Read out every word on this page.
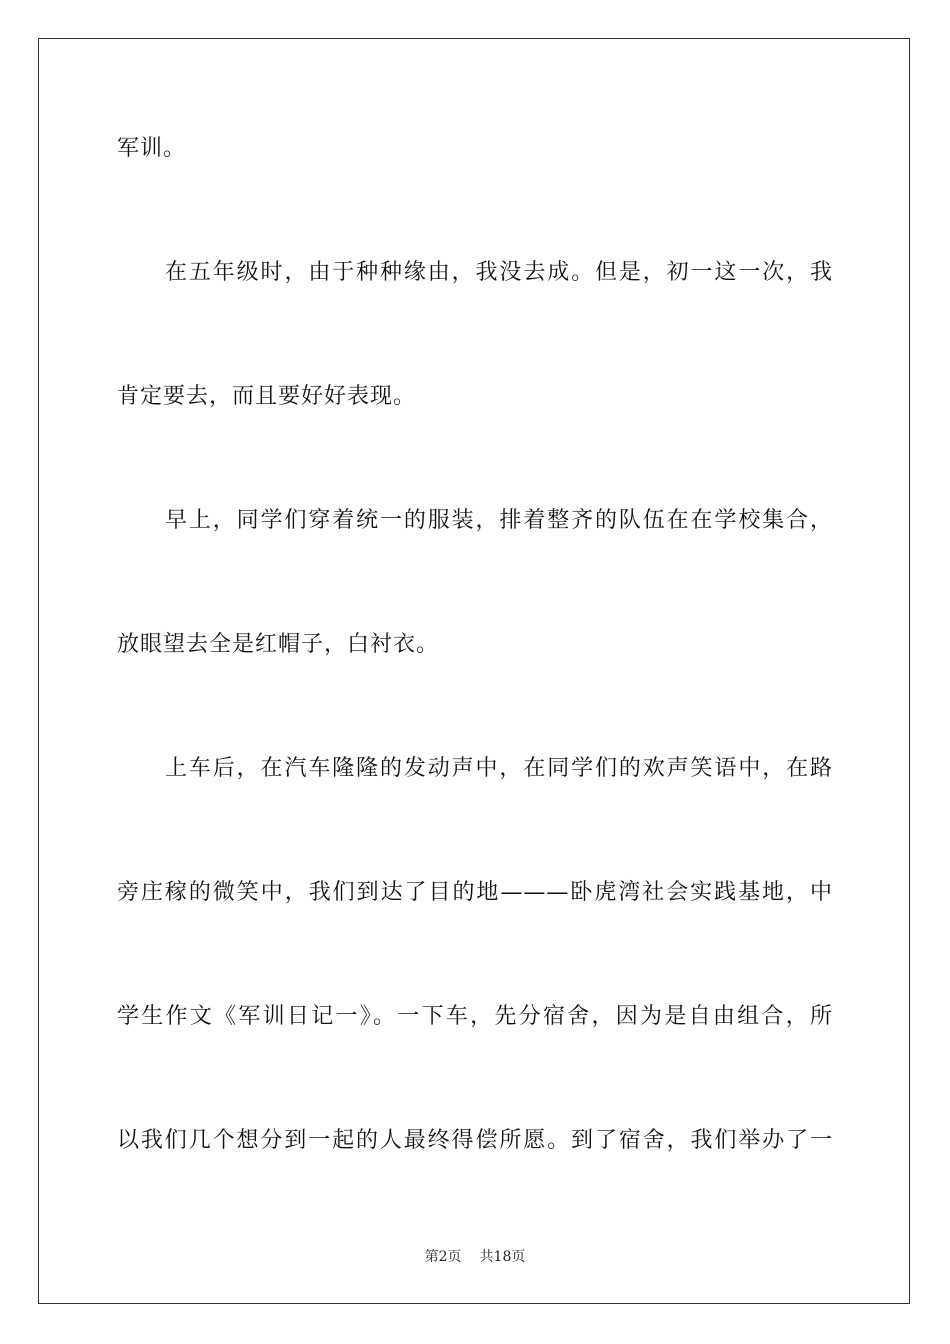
军训。
在五年级时，由于种种缘由，我没去成。但是，初一这一次，我
肯定要去，而且要好好表现。
早上，同学们穿着统一的服装，排着整齐的队伍在在学校集合，
放眼望去全是红帽子，白衬衣。
上车后，在汽车隆隆的发动声中，在同学们的欢声笑语中，在路
旁庄稼的微笑中，我们到达了目的地———卧虎湾社会实践基地，中
学生作文《军训日记一》。一下车，先分宿舍，因为是自由组合，所
以我们几个想分到一起的人最终得偿所愿。到了宿舍，我们举办了一
第2页 共18页
